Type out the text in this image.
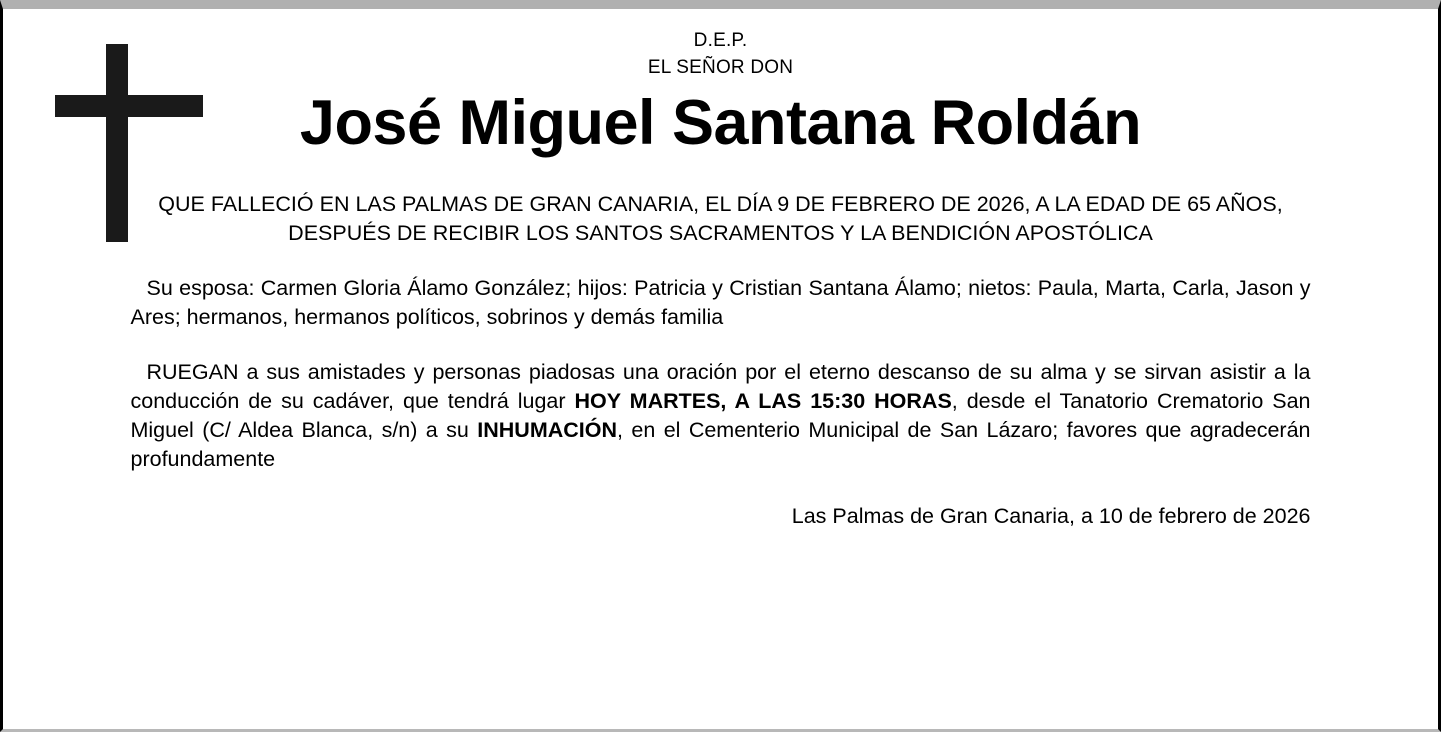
D.E.P.
EL SEÑOR DON
José Miguel Santana Roldán
QUE FALLECIÓ EN LAS PALMAS DE GRAN CANARIA, EL DÍA 9 DE FEBRERO DE 2026, A LA EDAD DE 65 AÑOS, DESPUÉS DE RECIBIR LOS SANTOS SACRAMENTOS Y LA BENDICIÓN APOSTÓLICA
Su esposa: Carmen Gloria Álamo González; hijos: Patricia y Cristian Santana Álamo; nietos: Paula, Marta, Carla, Jason y Ares; hermanos, hermanos políticos, sobrinos y demás familia
RUEGAN a sus amistades y personas piadosas una oración por el eterno descanso de su alma y se sirvan asistir a la conducción de su cadáver, que tendrá lugar HOY MARTES, A LAS 15:30 HORAS, desde el Tanatorio Crematorio San Miguel (C/ Aldea Blanca, s/n) a su INHUMACIÓN, en el Cementerio Municipal de San Lázaro; favores que agradecerán profundamente
Las Palmas de Gran Canaria, a 10 de febrero de 2026
